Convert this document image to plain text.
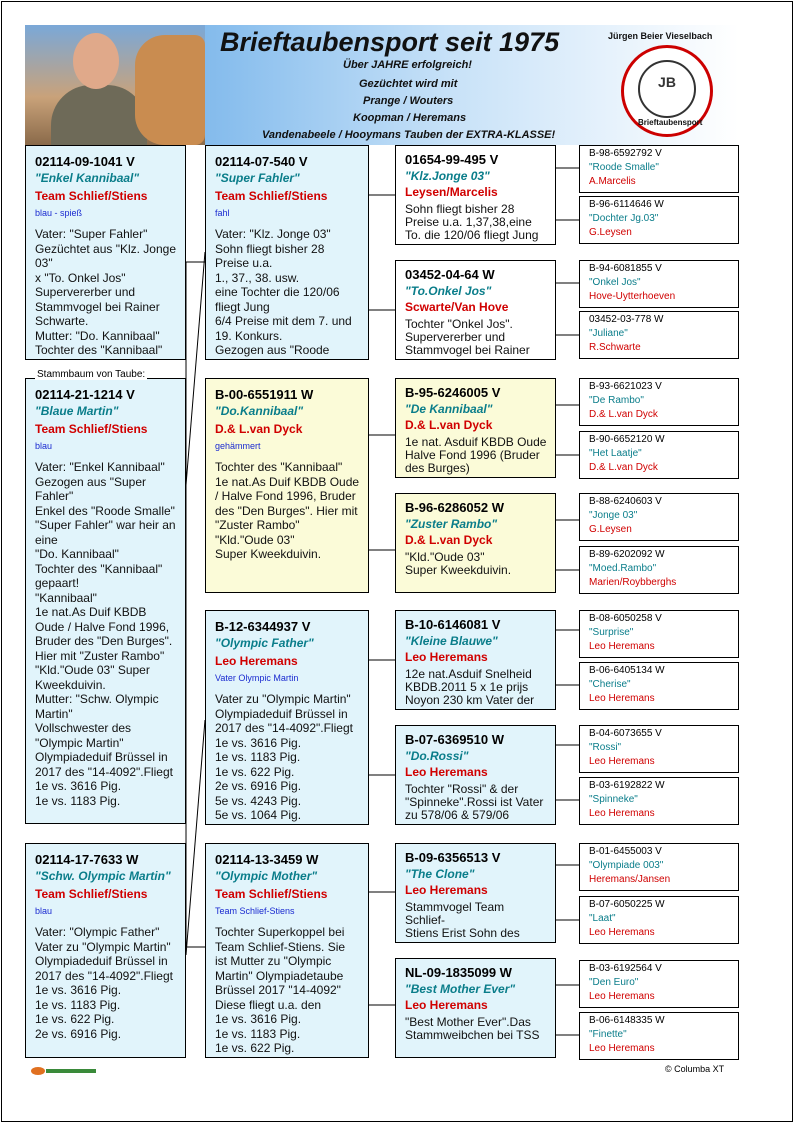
Brieftaubensport seit 1975
Über JAHRE erfolgreich!
Gezüchtet wird mit
Prange / Wouters
Koopman / Heremans
Vandenabeele / Hooymans Tauben der EXTRA-KLASSE!
Jürgen Beier Vieselbach
JB
Brieftaubensport
02114-21-1214 V
"Blaue Martin"
Team Schlief/Stiens
blau
Vater: "Enkel Kannibaal"
Gezogen aus "Super Fahler"
Enkel des "Roode Smalle"
"Super Fahler" war heir an eine
"Do. Kannibaal"
Tochter des "Kannibaal" gepaart!
"Kannibaal"
1e nat.As Duif KBDB Oude / Halve Fond 1996, Bruder des "Den Burges". Hier mit "Zuster Rambo"
"Kld."Oude 03" Super Kweekduivin.
Mutter: "Schw. Olympic Martin"
Vollschwester des "Olympic Martin"
Olympiadeduif Brüssel in 2017 des "14-4092".Fliegt
1e vs. 3616 Pig.
1e vs. 1183 Pig.
Stammbaum von Taube:
02114-09-1041 V
"Enkel Kannibaal"
Team Schlief/Stiens
blau - spieß
Vater: "Super Fahler"
Gezüchtet aus "Klz. Jonge 03"
x "To. Onkel Jos"
Supervererber und Stammvogel bei Rainer Schwarte.
Mutter: "Do. Kannibaal"
Tochter des "Kannibaal"
02114-17-7633 W
"Schw. Olympic Martin"
Team Schlief/Stiens
blau
Vater: "Olympic Father"
Vater zu "Olympic Martin"
Olympiadeduif Brüssel in 2017 des "14-4092".Fliegt
1e vs. 3616 Pig.
1e vs. 1183 Pig.
1e vs. 622 Pig.
2e vs. 6916 Pig.
02114-07-540 V
"Super Fahler"
Team Schlief/Stiens
fahl
Vater: "Klz. Jonge 03"
Sohn fliegt bisher 28 Preise u.a.
1., 37., 38. usw.
eine Tochter die 120/06 fliegt Jung
6/4 Preise mit dem 7. und 19. Konkurs.
Gezogen aus "Roode
B-00-6551911 W
"Do.Kannibaal"
D.& L.van Dyck
gehämmert
Tochter des "Kannibaal"
1e nat.As Duif KBDB Oude / Halve Fond 1996, Bruder des "Den Burges". Hier mit "Zuster Rambo"
"Kld."Oude 03"
Super Kweekduivin.
B-12-6344937 V
"Olympic Father"
Leo Heremans
Vater Olympic Martin
Vater zu "Olympic Martin"
Olympiadeduif Brüssel in 2017 des "14-4092".Fliegt
1e vs. 3616 Pig.
1e vs. 1183 Pig.
1e vs. 622 Pig.
2e vs. 6916 Pig.
5e vs. 4243 Pig.
5e vs. 1064 Pig.
02114-13-3459 W
"Olympic Mother"
Team Schlief/Stiens
Team Schlief-Stiens
Tochter Superkoppel bei Team Schlief-Stiens. Sie ist Mutter zu "Olympic Martin" Olympiadetaube Brüssel 2017 "14-4092"
Diese fliegt u.a. den
1e vs. 3616 Pig.
1e vs. 1183 Pig.
1e vs. 622 Pig.
01654-99-495 V
"Klz.Jonge 03"
Leysen/Marcelis
Sohn fliegt bisher 28 Preise u.a. 1,37,38,eine To. die 120/06 fliegt Jung
03452-04-64 W
"To.Onkel Jos"
Scwarte/Van Hove
Tochter "Onkel Jos".
Supervererber und Stammvogel bei Rainer
B-95-6246005 V
"De Kannibaal"
D.& L.van Dyck
1e nat. Asduif KBDB Oude Halve Fond 1996 (Bruder des Burges)
B-96-6286052 W
"Zuster Rambo"
D.& L.van Dyck
"Kld."Oude 03"
Super Kweekduivin.
B-10-6146081 V
"Kleine Blauwe"
Leo Heremans
12e nat.Asduif Snelheid KBDB.2011 5 x 1e prijs Noyon 230 km Vater der
B-07-6369510 W
"Do.Rossi"
Leo Heremans
Tochter "Rossi" & der "Spinneke".Rossi ist Vater zu 578/06 & 579/06
B-09-6356513 V
"The Clone"
Leo Heremans
Stammvogel Team Schlief-
Stiens Erist Sohn des
NL-09-1835099 W
"Best Mother Ever"
Leo Heremans
"Best Mother Ever".Das Stammweibchen bei TSS
B-98-6592792 V
"Roode Smalle"
A.Marcelis
B-96-6114646 W
"Dochter Jg.03"
G.Leysen
B-94-6081855 V
"Onkel Jos"
Hove-Uytterhoeven
03452-03-778 W
"Juliane"
R.Schwarte
B-93-6621023 V
"De Rambo"
D.& L.van Dyck
B-90-6652120 W
"Het Laatje"
D.& L.van Dyck
B-88-6240603 V
"Jonge 03"
G.Leysen
B-89-6202092 W
"Moed.Rambo"
Marien/Roybberghs
B-08-6050258 V
"Surprise"
Leo Heremans
B-06-6405134 W
"Cherise"
Leo Heremans
B-04-6073655 V
"Rossi"
Leo Heremans
B-03-6192822 W
"Spinneke"
Leo Heremans
B-01-6455003 V
"Olympiade 003"
Heremans/Jansen
B-07-6050225 W
"Laat"
Leo Heremans
B-03-6192564 V
"Den Euro"
Leo Heremans
B-06-6148335 W
"Finette"
Leo Heremans
© Columba XT
